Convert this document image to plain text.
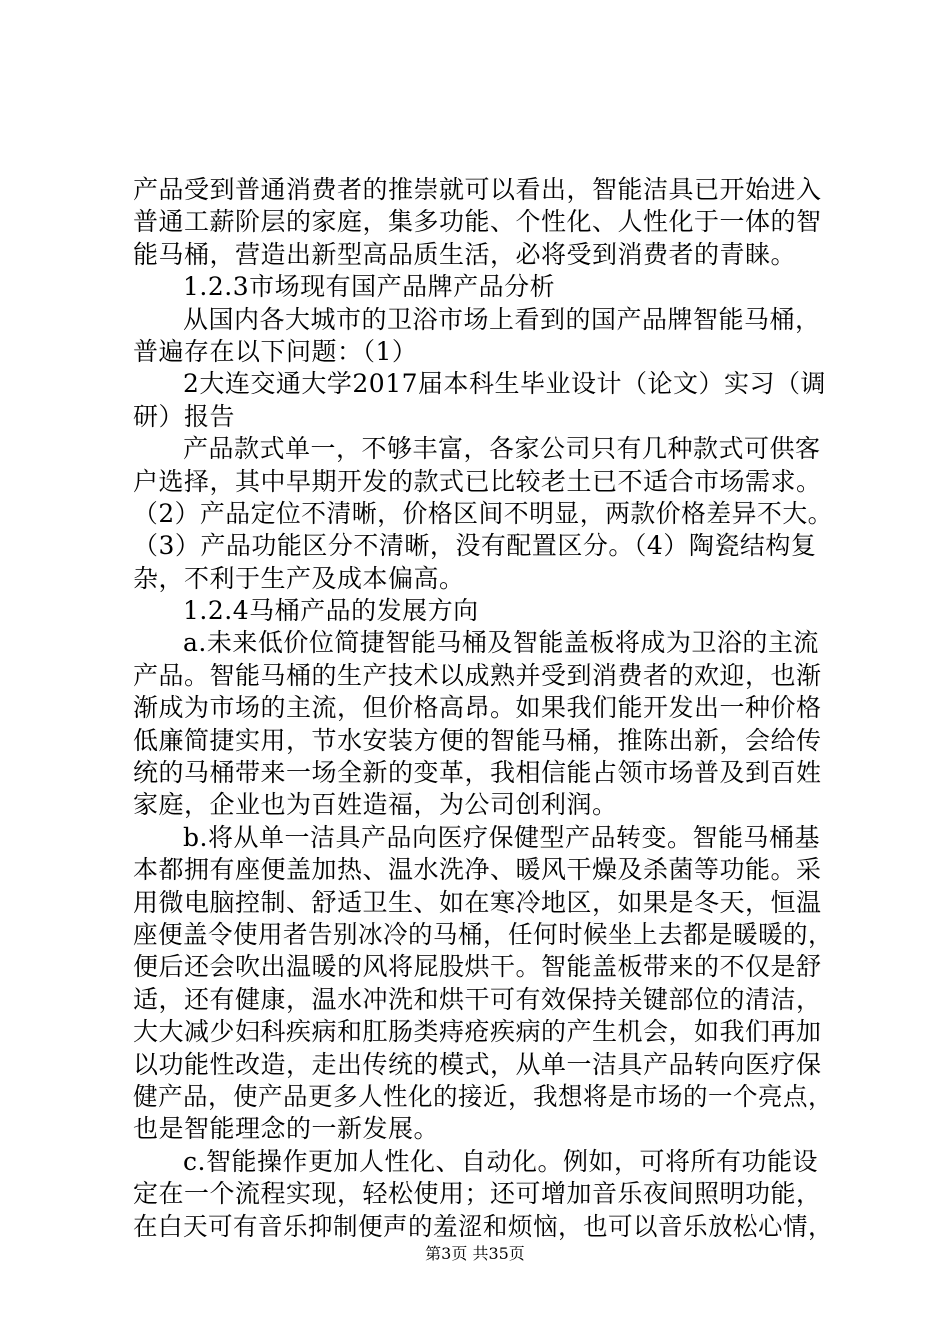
产品受到普通消费者的推崇就可以看出，智能洁具已开始进入
普通工薪阶层的家庭，集多功能、个性化、人性化于一体的智
能马桶，营造出新型高品质生活，必将受到消费者的青睐。
1.2.3市场现有国产品牌产品分析
从国内各大城市的卫浴市场上看到的国产品牌智能马桶，
普遍存在以下问题：（1）
2大连交通大学2017届本科生毕业设计（论文）实习（调
研）报告
产品款式单一，不够丰富，各家公司只有几种款式可供客
户选择，其中早期开发的款式已比较老土已不适合市场需求。
（2）产品定位不清晰，价格区间不明显，两款价格差异不大。
（3）产品功能区分不清晰，没有配置区分。（4）陶瓷结构复
杂，不利于生产及成本偏高。
1.2.4马桶产品的发展方向
a.未来低价位简捷智能马桶及智能盖板将成为卫浴的主流
产品。智能马桶的生产技术以成熟并受到消费者的欢迎，也渐
渐成为市场的主流，但价格高昂。如果我们能开发出一种价格
低廉简捷实用，节水安装方便的智能马桶，推陈出新，会给传
统的马桶带来一场全新的变革，我相信能占领市场普及到百姓
家庭，企业也为百姓造福，为公司创利润。
b.将从单一洁具产品向医疗保健型产品转变。智能马桶基
本都拥有座便盖加热、温水洗净、暖风干燥及杀菌等功能。采
用微电脑控制、舒适卫生、如在寒冷地区，如果是冬天，恒温
座便盖令使用者告别冰冷的马桶，任何时候坐上去都是暖暖的，
便后还会吹出温暖的风将屁股烘干。智能盖板带来的不仅是舒
适，还有健康，温水冲洗和烘干可有效保持关键部位的清洁，
大大减少妇科疾病和肛肠类痔疮疾病的产生机会，如我们再加
以功能性改造，走出传统的模式，从单一洁具产品转向医疗保
健产品，使产品更多人性化的接近，我想将是市场的一个亮点，
也是智能理念的一新发展。
c.智能操作更加人性化、自动化。例如，可将所有功能设
定在一个流程实现，轻松使用；还可增加音乐夜间照明功能，
在白天可有音乐抑制便声的羞涩和烦恼，也可以音乐放松心情，
第3页 共35页
